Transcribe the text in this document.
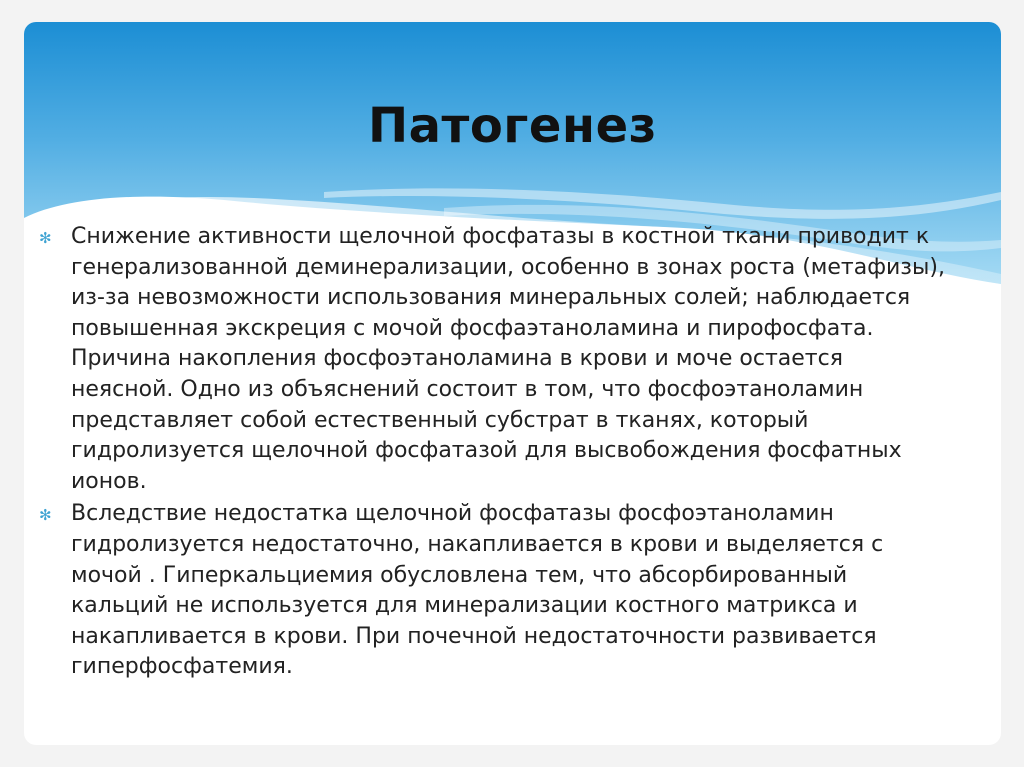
Патогенез
✻ Снижение активности щелочной фосфатазы в костной ткани приводит к генерализованной деминерализации, особенно в зонах роста (метафизы), из-за невозможности использования минеральных солей; наблюдается повышенная экскреция с мочой фосфаэтаноламина и пирофосфата. Причина накопления фосфоэтаноламина в крови и моче остается неясной. Одно из объяснений состоит в том, что фосфоэтаноламин представляет собой естественный субстрат в тканях, который гидролизуется щелочной фосфатазой для высвобождения фосфатных ионов.
✻ Вследствие недостатка щелочной фосфатазы фосфоэтаноламин гидролизуется недостаточно, накапливается в крови и выделяется с мочой . Гиперкальциемия обусловлена тем, что абсорбированный кальций не используется для минерализации костного матрикса и накапливается в крови. При почечной недостаточности развивается гиперфосфатемия.
